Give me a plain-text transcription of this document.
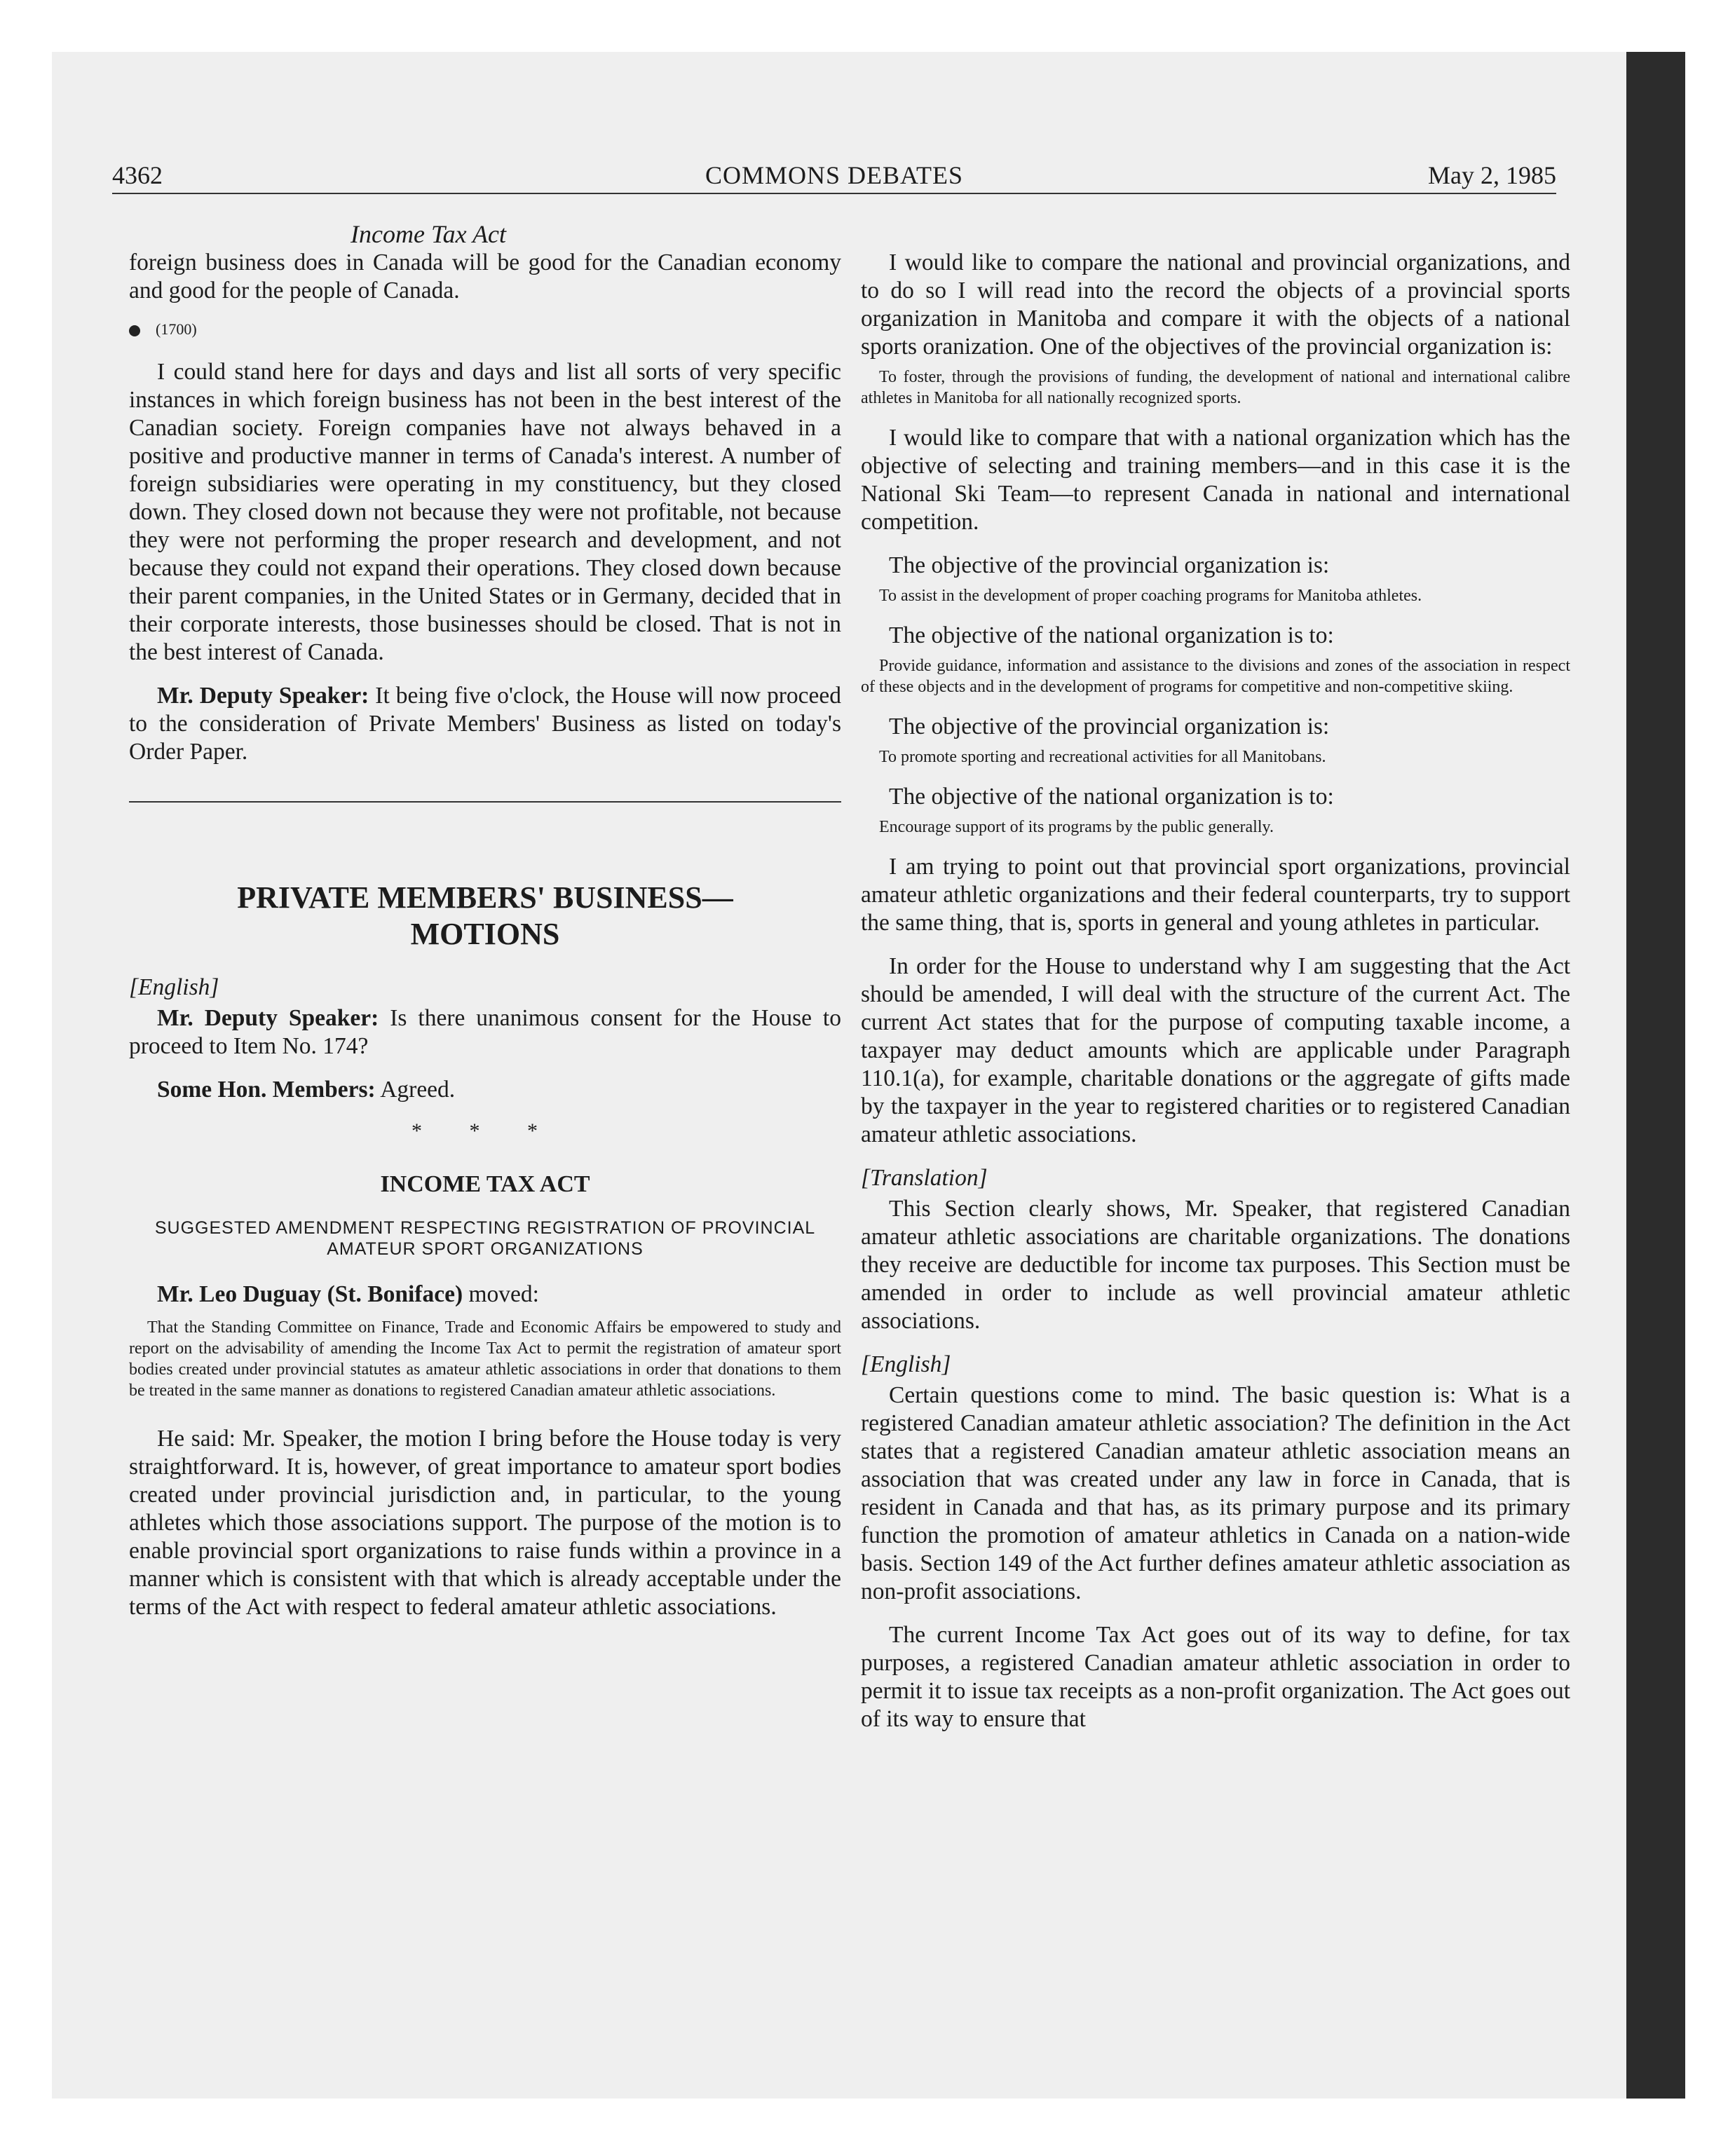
4362	COMMONS DEBATES	May 2, 1985
Income Tax Act

foreign business does in Canada will be good for the Canadian economy and good for the people of Canada.

(1700)

I could stand here for days and days and list all sorts of very specific instances in which foreign business has not been in the best interest of the Canadian society. Foreign companies have not always behaved in a positive and productive manner in terms of Canada's interest. A number of foreign subsidiaries were operating in my constituency, but they closed down. They closed down not because they were not profitable, not because they were not performing the proper research and development, and not because they could not expand their operations. They closed down because their parent companies, in the United States or in Germany, decided that in their corporate interests, those businesses should be closed. That is not in the best interest of Canada.

Mr. Deputy Speaker: It being five o'clock, the House will now proceed to the consideration of Private Members' Business as listed on today's Order Paper.

PRIVATE MEMBERS' BUSINESS—
MOTIONS
[English]

Mr. Deputy Speaker: Is there unanimous consent for the House to proceed to Item No. 174?

Some Hon. Members: Agreed.

* * *
INCOME TAX ACT
SUGGESTED AMENDMENT RESPECTING REGISTRATION OF PROVINCIAL AMATEUR SPORT ORGANIZATIONS

Mr. Leo Duguay (St. Boniface) moved:

That the Standing Committee on Finance, Trade and Economic Affairs be empowered to study and report on the advisability of amending the Income Tax Act to permit the registration of amateur sport bodies created under provincial statutes as amateur athletic associations in order that donations to them be treated in the same manner as donations to registered Canadian amateur athletic associations.

He said: Mr. Speaker, the motion I bring before the House today is very straightforward. It is, however, of great importance to amateur sport bodies created under provincial jurisdiction and, in particular, to the young athletes which those associations support. The purpose of the motion is to enable provincial sport organizations to raise funds within a province in a manner which is consistent with that which is already acceptable under the terms of the Act with respect to federal amateur athletic associations.

I would like to compare the national and provincial organizations, and to do so I will read into the record the objects of a provincial sports organization in Manitoba and compare it with the objects of a national sports oranization. One of the objectives of the provincial organization is:

To foster, through the provisions of funding, the development of national and international calibre athletes in Manitoba for all nationally recognized sports.

I would like to compare that with a national organization which has the objective of selecting and training members—and in this case it is the National Ski Team—to represent Canada in national and international competition.

The objective of the provincial organization is:

To assist in the development of proper coaching programs for Manitoba athletes.

The objective of the national organization is to:

Provide guidance, information and assistance to the divisions and zones of the association in respect of these objects and in the development of programs for competitive and non-competitive skiing.

The objective of the provincial organization is:

To promote sporting and recreational activities for all Manitobans.

The objective of the national organization is to:

Encourage support of its programs by the public generally.

I am trying to point out that provincial sport organizations, provincial amateur athletic organizations and their federal counterparts, try to support the same thing, that is, sports in general and young athletes in particular.

In order for the House to understand why I am suggesting that the Act should be amended, I will deal with the structure of the current Act. The current Act states that for the purpose of computing taxable income, a taxpayer may deduct amounts which are applicable under Paragraph 110.1(a), for example, charitable donations or the aggregate of gifts made by the taxpayer in the year to registered charities or to registered Canadian amateur athletic associations.

[Translation]

This Section clearly shows, Mr. Speaker, that registered Canadian amateur athletic associations are charitable organizations. The donations they receive are deductible for income tax purposes. This Section must be amended in order to include as well provincial amateur athletic associations.

[English]

Certain questions come to mind. The basic question is: What is a registered Canadian amateur athletic association? The definition in the Act states that a registered Canadian amateur athletic association means an association that was created under any law in force in Canada, that is resident in Canada and that has, as its primary purpose and its primary function the promotion of amateur athletics in Canada on a nation-wide basis. Section 149 of the Act further defines amateur athletic association as non-profit associations.

The current Income Tax Act goes out of its way to define, for tax purposes, a registered Canadian amateur athletic association in order to permit it to issue tax receipts as a non-profit organization. The Act goes out of its way to ensure that
